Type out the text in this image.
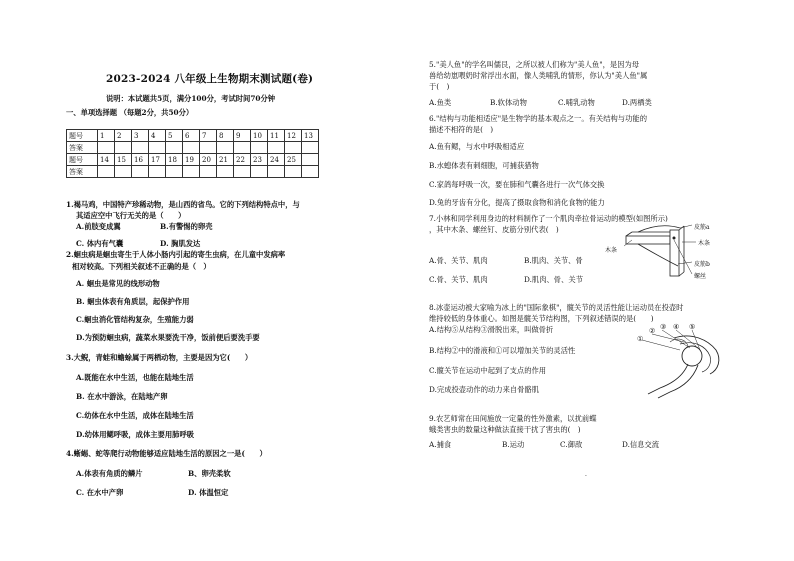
2023-2024 八年级上生物期末测试题(卷)
说明：本试题共5页，满分100分，考试时间70分钟
一、单项选择题 （每题2分，共50分）
题号	1	2	3	4	5	6	7	8	9	10	11	12	13
答案													
题号	14	15	16	17	18	19	20	21	22	23	24	25	
答案													
1.褐马鸡，中国特产珍稀动物，是山西的省鸟。它的下列结构特点中，与
其适应空中飞行无关的是（　　）
A.前肢变成翼	B.有警惕的卵壳
C. 体内有气囊	D. 胸肌发达
2.蛔虫病是蛔虫寄生于人体小肠内引起的寄生虫病，在儿童中发病率
相对较高。下列相关叙述不正确的是（　）
A. 蛔虫是常见的线形动物
B. 蛔虫体表有角质层，起保护作用
C.蛔虫消化管结构复杂，生殖能力弱
D.为预防蛔虫病，蔬菜水果要洗干净，饭前便后要洗手要
3.大鲵，青蛙和蟾蜍属于两栖动物，主要是因为它(　　）
A.既能在水中生活，也能在陆地生活
B. 在水中游泳，在陆地产卵
C.幼体在水中生活，成体在陆地生活
D.幼体用鳃呼吸，成体主要用肺呼吸
4.蜥蜴、蛇等爬行动物能够适应陆地生活的原因之一是(　　）
A.体表有角质的鳞片	B、卵壳柔软
C. 在水中产卵	D. 体温恒定
5."美人鱼"的学名叫儒艮，之所以被人们称为"美人鱼"，是因为母
兽给幼崽喂奶时常浮出水面，像人类哺乳的情形，你认为"美人鱼"属
于(　)
A.鱼类	B.软体动物	C.哺乳动物	D.两栖类
6."结构与功能相适应"是生物学的基本观点之一。有关结构与功能的
描述不相符的是(　)
A.鱼有鳃，与水中呼吸相适应
B.水螅体表有刺细胞，可捕获猎物
C.家鸽每呼吸一次，要在肺和气囊各进行一次气体交换
D.兔的牙齿有分化，提高了摄取食物和消化食物的能力
7.小林和同学利用身边的材料制作了一个肌肉牵拉骨运动的模型(如图所示)
，其中木条、螺丝钉、皮筋分别代表(　)
A.骨、关节、肌肉	B.肌肉、关节、骨
C.骨、关节、肌肉	D.肌肉、骨、关节
皮筋a
木条
木条
皮筋b
螺丝
8.冰壶运动被大家喻为冰上的"国际象棋"，髋关节的灵活性能让运动员在投壶时
维持较低的身体重心。如图是髋关节结构图，下列叙述错误的是(　　)
A.结构⑤从结构③滑脱出来，叫做骨折
B.结构②中的滑液和①可以增加关节的灵活性
C.髋关节在运动中起到了支点的作用
D.完成投壶动作的动力来自骨骼肌
①
② ③ ④ ⑤
9.农艺师常在田间施放一定量的性外激素，以扰前蝶
蛾类害虫的数量这种做法直接干扰了害虫的(　)
A.捕食	B.运动	C.御敌	D.信息交流
·
